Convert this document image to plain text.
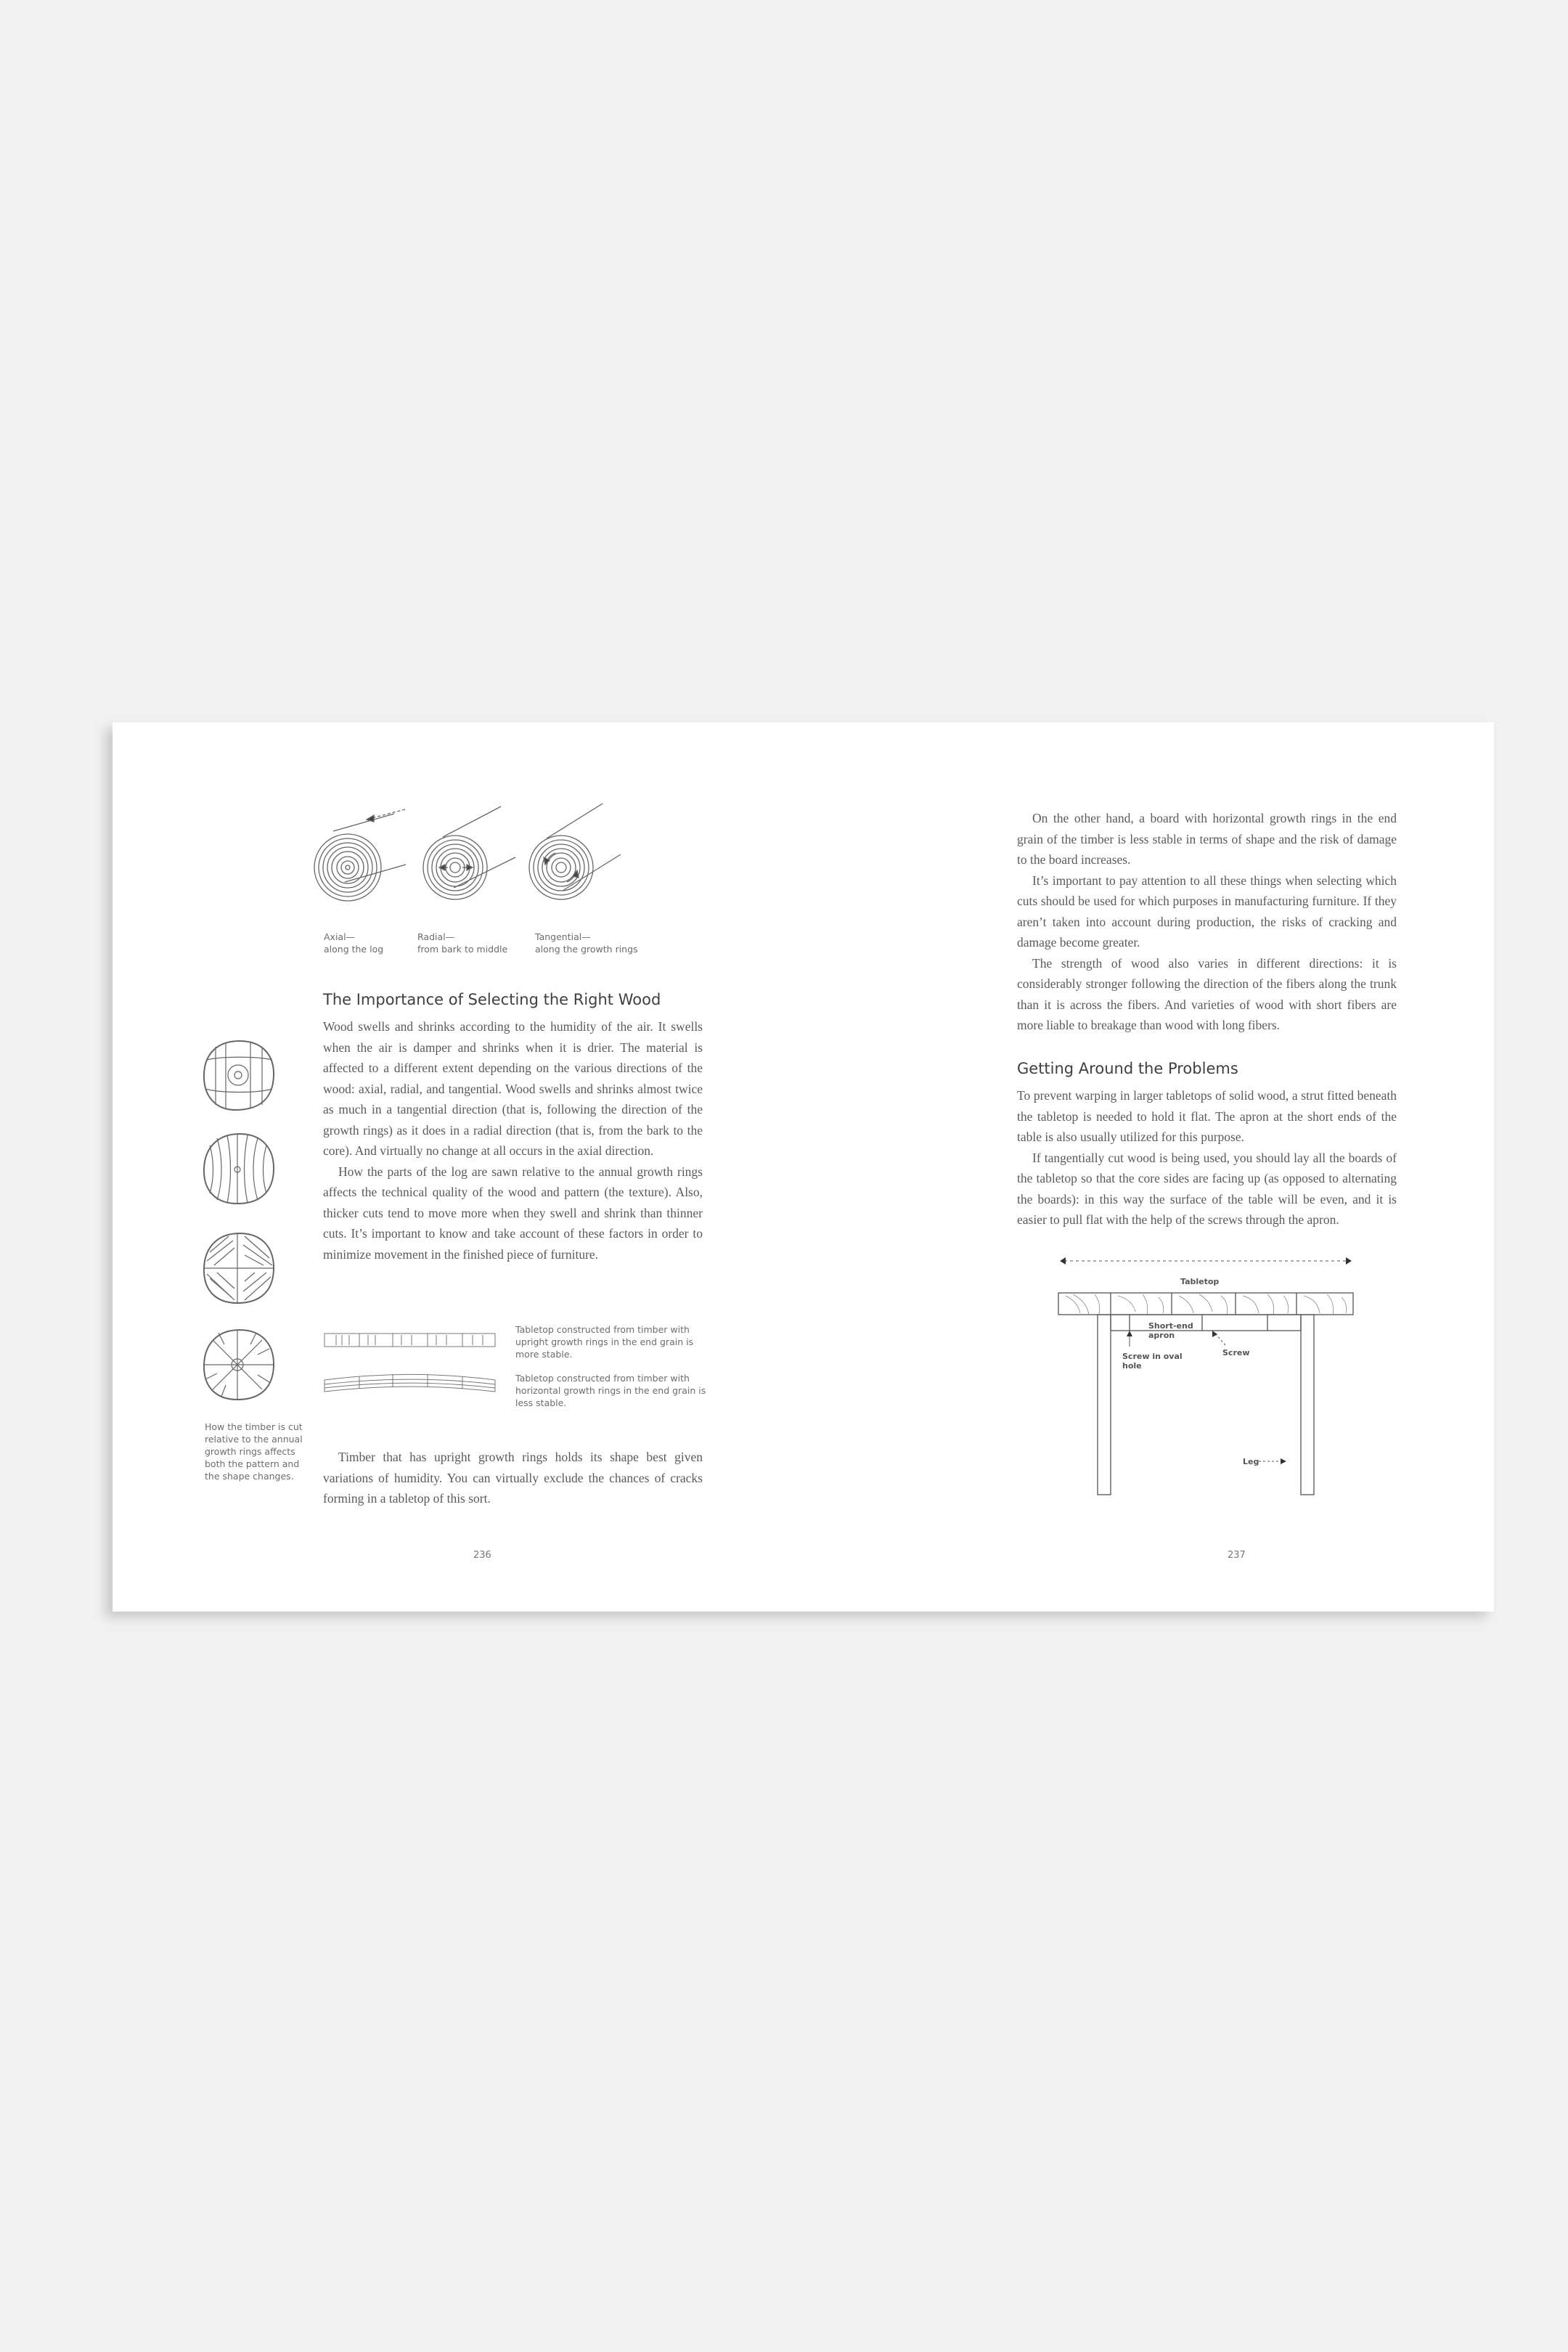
Axial—
along the log
Radial—
from bark to middle
Tangential—
along the growth rings
The Importance of Selecting the Right Wood

Wood swells and shrinks according to the humidity of the air. It swells when the air is damper and shrinks when it is drier. The material is affected to a different extent depending on the various directions of the wood: axial, radial, and tangential. Wood swells and shrinks almost twice as much in a tangential direction (that is, following the direction of the growth rings) as it does in a radial direction (that is, from the bark to the core). And virtually no change at all occurs in the axial direction.

How the parts of the log are sawn relative to the annual growth rings affects the technical quality of the wood and pattern (the texture). Also, thicker cuts tend to move more when they swell and shrink than thinner cuts. It’s important to know and take account of these factors in order to minimize movement in the finished piece of furniture.

How the timber is cut relative to the annual growth rings affects both the pattern and the shape changes.
Tabletop constructed from timber with upright growth rings in the end grain is more stable.
Tabletop constructed from timber with horizontal growth rings in the end grain is less stable.

Timber that has upright growth rings holds its shape best given variations of humidity. You can virtually exclude the chances of cracks forming in a tabletop of this sort.

236

On the other hand, a board with horizontal growth rings in the end grain of the timber is less stable in terms of shape and the risk of damage to the board increases.

It’s important to pay attention to all these things when selecting which cuts should be used for which purposes in manufacturing furniture. If they aren’t taken into account during production, the risks of cracking and damage become greater.

The strength of wood also varies in different directions: it is considerably stronger following the direction of the fibers along the trunk than it is across the fibers. And varieties of wood with short fibers are more liable to breakage than wood with long fibers.

Getting Around the Problems

To prevent warping in larger tabletops of solid wood, a strut fitted beneath the tabletop is needed to hold it flat. The apron at the short ends of the table is also usually utilized for this purpose.

If tangentially cut wood is being used, you should lay all the boards of the tabletop so that the core sides are facing up (as opposed to alternating the boards): in this way the surface of the table will be even, and it is easier to pull flat with the help of the screws through the apron.

Tabletop
Short-end
apron
Screw in oval
hole
Screw
Leg
237
